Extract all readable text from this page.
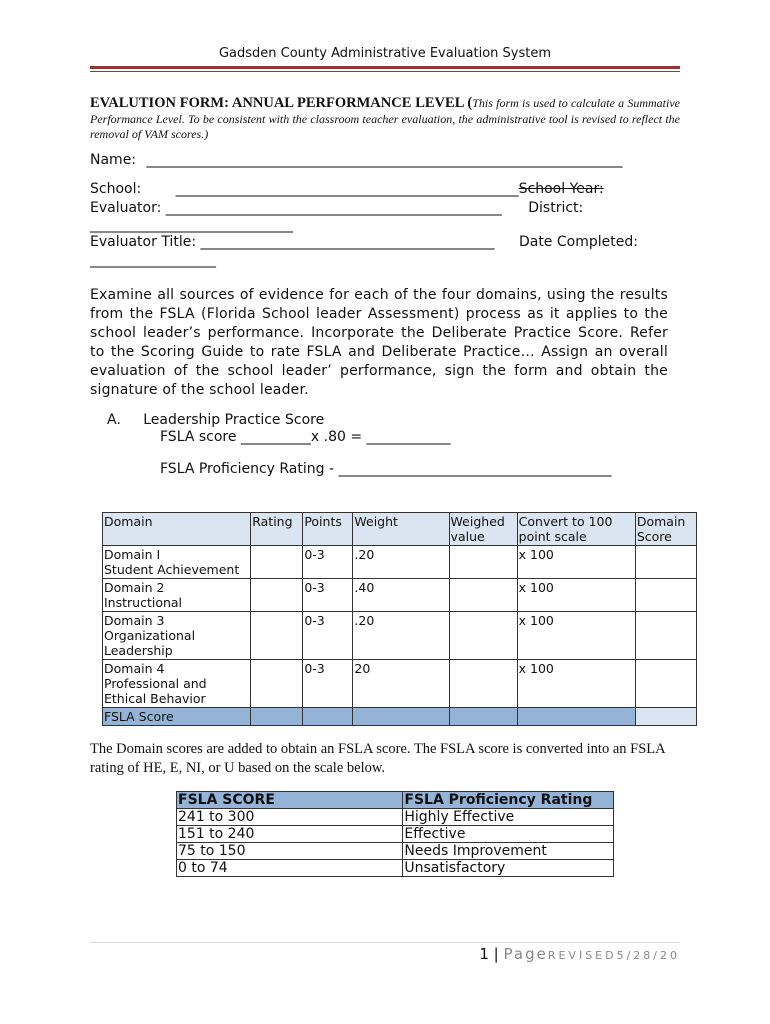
Gadsden County Administrative Evaluation System
EVALUTION FORM: ANNUAL PERFORMANCE LEVEL (This form is used to calculate a Summative Performance Level. To be consistent with the classroom teacher evaluation, the administrative tool is revised to reflect the removal of VAM scores.)
Name: ____________________________________________________________________
School: _________________________________________________School Year:
Evaluator: ________________________________________________ District:
_____________________________
Evaluator Title: __________________________________________ Date Completed:
__________________
Examine all sources of evidence for each of the four domains, using the results from the FSLA (Florida School leader Assessment) process as it applies to the school leader’s performance. Incorporate the Deliberate Practice Score. Refer to the Scoring Guide to rate FSLA and Deliberate Practice… Assign an overall evaluation of the school leader’ performance, sign the form and obtain the signature of the school leader.
A. Leadership Practice Score
FSLA score __________x .80 = ____________
FSLA Proficiency Rating - _______________________________________
Domain	Rating	Points	Weight	Weighed value	Convert to 100 point scale	Domain Score

Domain I
Student Achievement		0-3	.20		x 100	

Domain 2
Instructional		0-3	.40		x 100	

Domain 3
Organizational
Leadership		0-3	.20		x 100	

Domain 4
Professional and
Ethical Behavior		0-3	20		x 100	
FSLA Score						
The Domain scores are added to obtain an FSLA score. The FSLA score is converted into an FSLA rating of HE, E, NI, or U based on the scale below.
FSLA SCORE	FSLA Proficiency Rating
241 to 300	Highly Effective
151 to 240	Effective
75 to 150	Needs Improvement
0 to 74	Unsatisfactory
1 | PageREVISED5/28/20
